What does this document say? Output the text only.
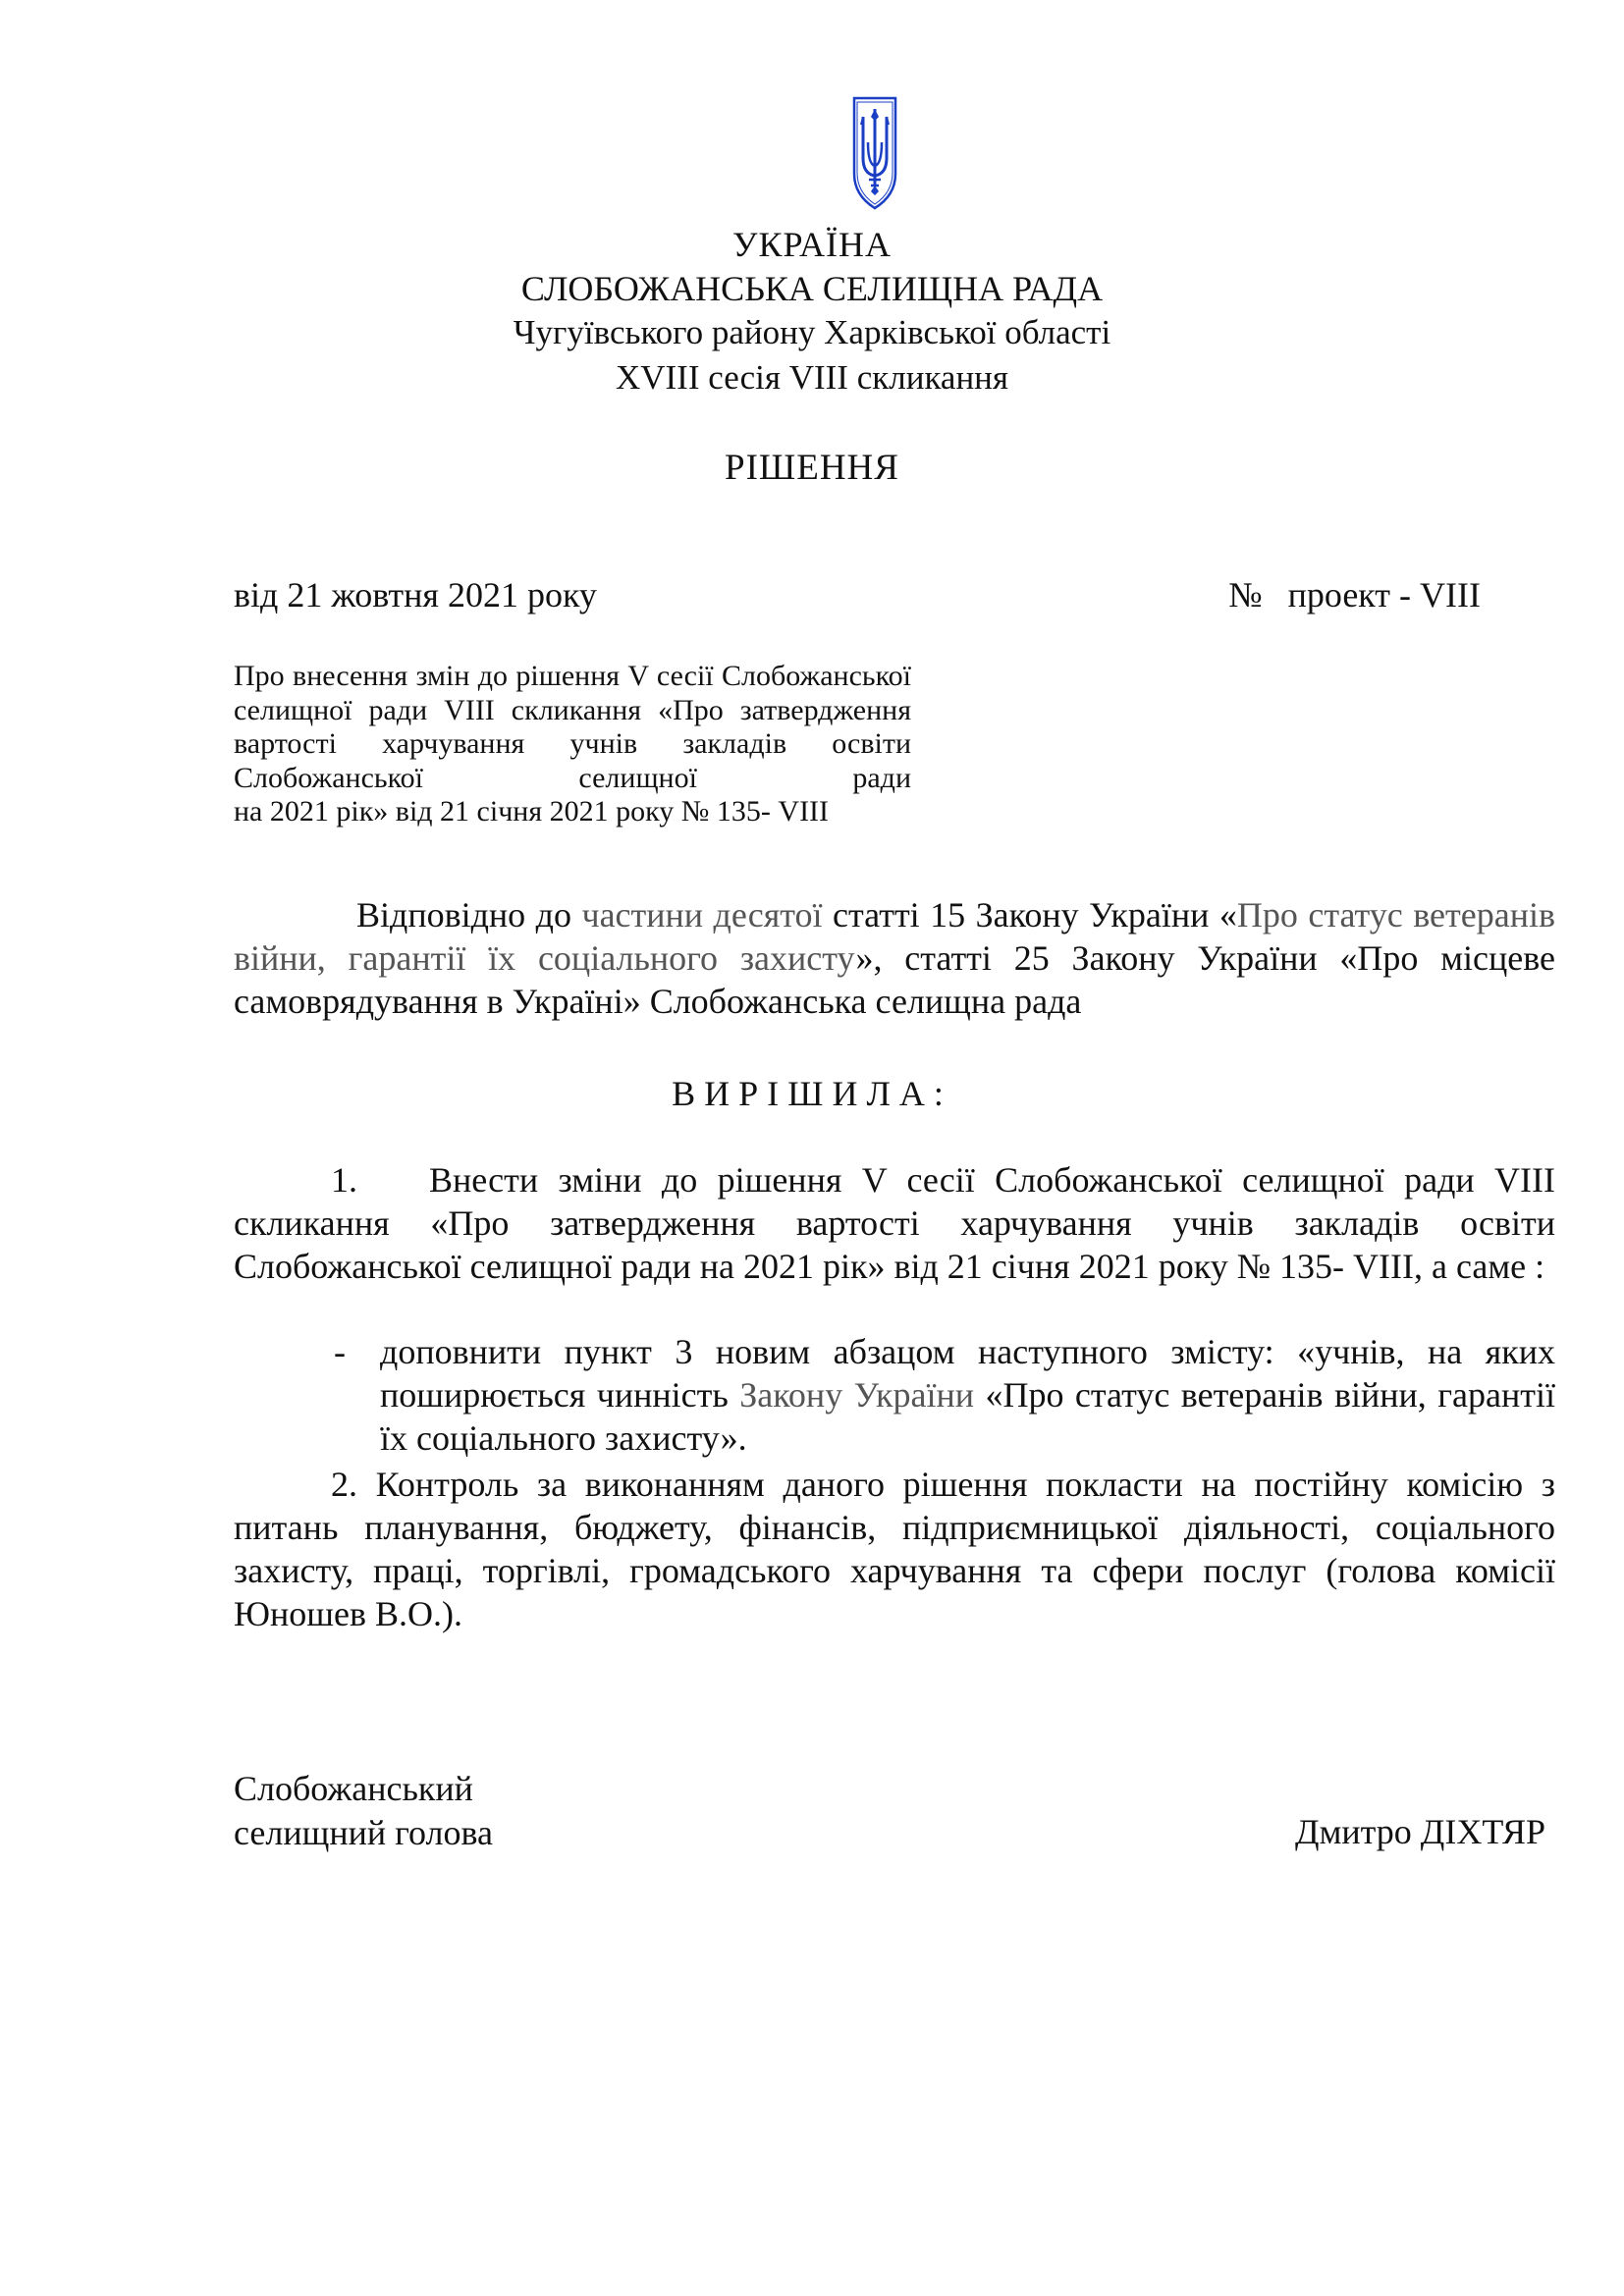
УКРАЇНА
СЛОБОЖАНСЬКА СЕЛИЩНА РАДА
Чугуївського району Харківської області
XVIII сесія VIII скликання
РІШЕННЯ
від 21 жовтня 2021 року	№ проект - VIII
Про внесення змін до рішення V сесії Слобожанської селищної ради VIII скликання «Про затвердження вартості харчування учнів закладів освіти Слобожанської селищної ради
на 2021 рік» від 21 січня 2021 року № 135- VIII
Відповідно до частини десятої статті 15 Закону України «Про статус ветеранів війни, гарантії їх соціального захисту», статті 25 Закону України «Про місцеве самоврядування в Україні» Слобожанська селищна рада
ВИРІШИЛА:
1. Внести зміни до рішення V сесії Слобожанської селищної ради VIII скликання «Про затвердження вартості харчування учнів закладів освіти Слобожанської селищної ради на 2021 рік» від 21 січня 2021 року № 135- VIII, а саме :
- доповнити пункт 3 новим абзацом наступного змісту: «учнів, на яких поширюється чинність Закону України «Про статус ветеранів війни, гарантії їх соціального захисту».
2. Контроль за виконанням даного рішення покласти на постійну комісію з питань планування, бюджету, фінансів, підприємницької діяльності, соціального захисту, праці, торгівлі, громадського харчування та сфери послуг (голова комісії Юношев В.О.).
Слобожанський
селищний голова	Дмитро ДІХТЯР
